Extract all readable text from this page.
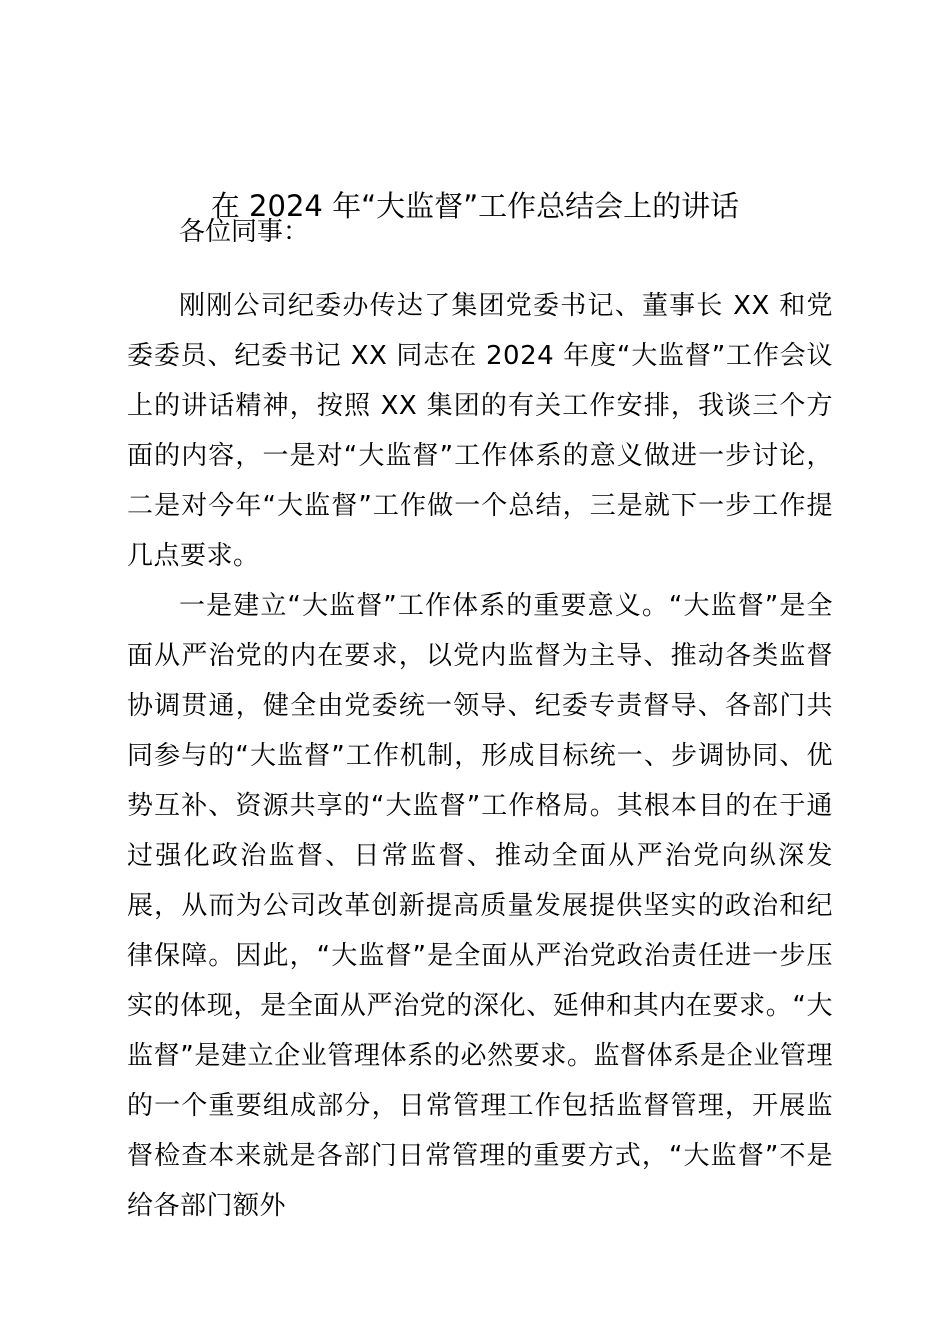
在 2024 年“大监督”工作总结会上的讲话
各位同事：

刚刚公司纪委办传达了集团党委书记、董事长 XX 和党委委员、纪委书记 XX 同志在 2024 年度“大监督”工作会议上的讲话精神，按照 XX 集团的有关工作安排，我谈三个方面的内容，一是对“大监督”工作体系的意义做进一步讨论，二是对今年“大监督”工作做一个总结，三是就下一步工作提几点要求。

一是建立“大监督”工作体系的重要意义。“大监督”是全面从严治党的内在要求，以党内监督为主导、推动各类监督协调贯通，健全由党委统一领导、纪委专责督导、各部门共同参与的“大监督”工作机制，形成目标统一、步调协同、优势互补、资源共享的“大监督”工作格局。其根本目的在于通过强化政治监督、日常监督、推动全面从严治党向纵深发展，从而为公司改革创新提高质量发展提供坚实的政治和纪律保障。因此，“大监督”是全面从严治党政治责任进一步压实的体现，是全面从严治党的深化、延伸和其内在要求。“大监督”是建立企业管理体系的必然要求。监督体系是企业管理的一个重要组成部分，日常管理工作包括监督管理，开展监督检查本来就是各部门日常管理的重要方式，“大监督”不是给各部门额外
